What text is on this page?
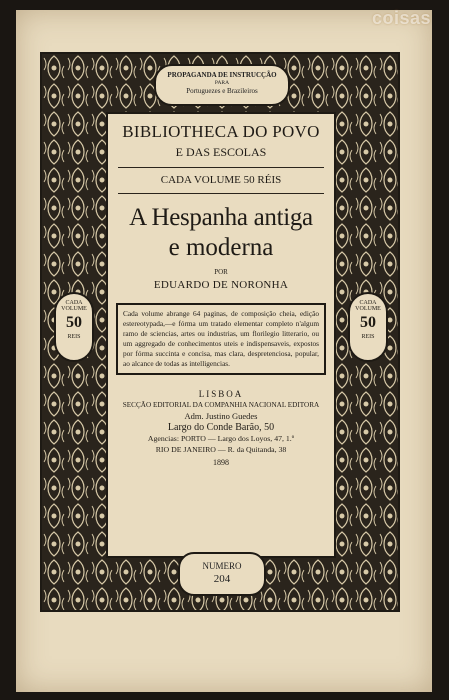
coisas
PROPAGANDA DE INSTRUCÇÃO
PARA
Portuguezes e Brazileiros
CADA VOLUME
50
REIS
CADA VOLUME
50
REIS
BIBLIOTHECA DO POVO
E DAS ESCOLAS
CADA VOLUME 50 RÉIS
A Hespanha antiga
e moderna
POR
EDUARDO DE NORONHA
Cada volume abrange 64 paginas, de composição cheia, edição estereotypada,—e fórma um tratado elementar completo n'algum ramo de sciencias, artes ou industrias, um florilegio litterario, ou um aggregado de conhecimentos uteis e indispensaveis, expostos por fórma succinta e concisa, mas clara, despretenciosa, popular, ao alcance de todas as intelligencias.
LISBOA
SECÇÃO EDITORIAL DA COMPANHIA NACIONAL EDITORA
Adm. Justino Guedes
Largo do Conde Barão, 50
Agencias: PORTO — Largo dos Loyos, 47, 1.º
RIO DE JANEIRO — R. da Quitanda, 38
1898
NUMERO
204
